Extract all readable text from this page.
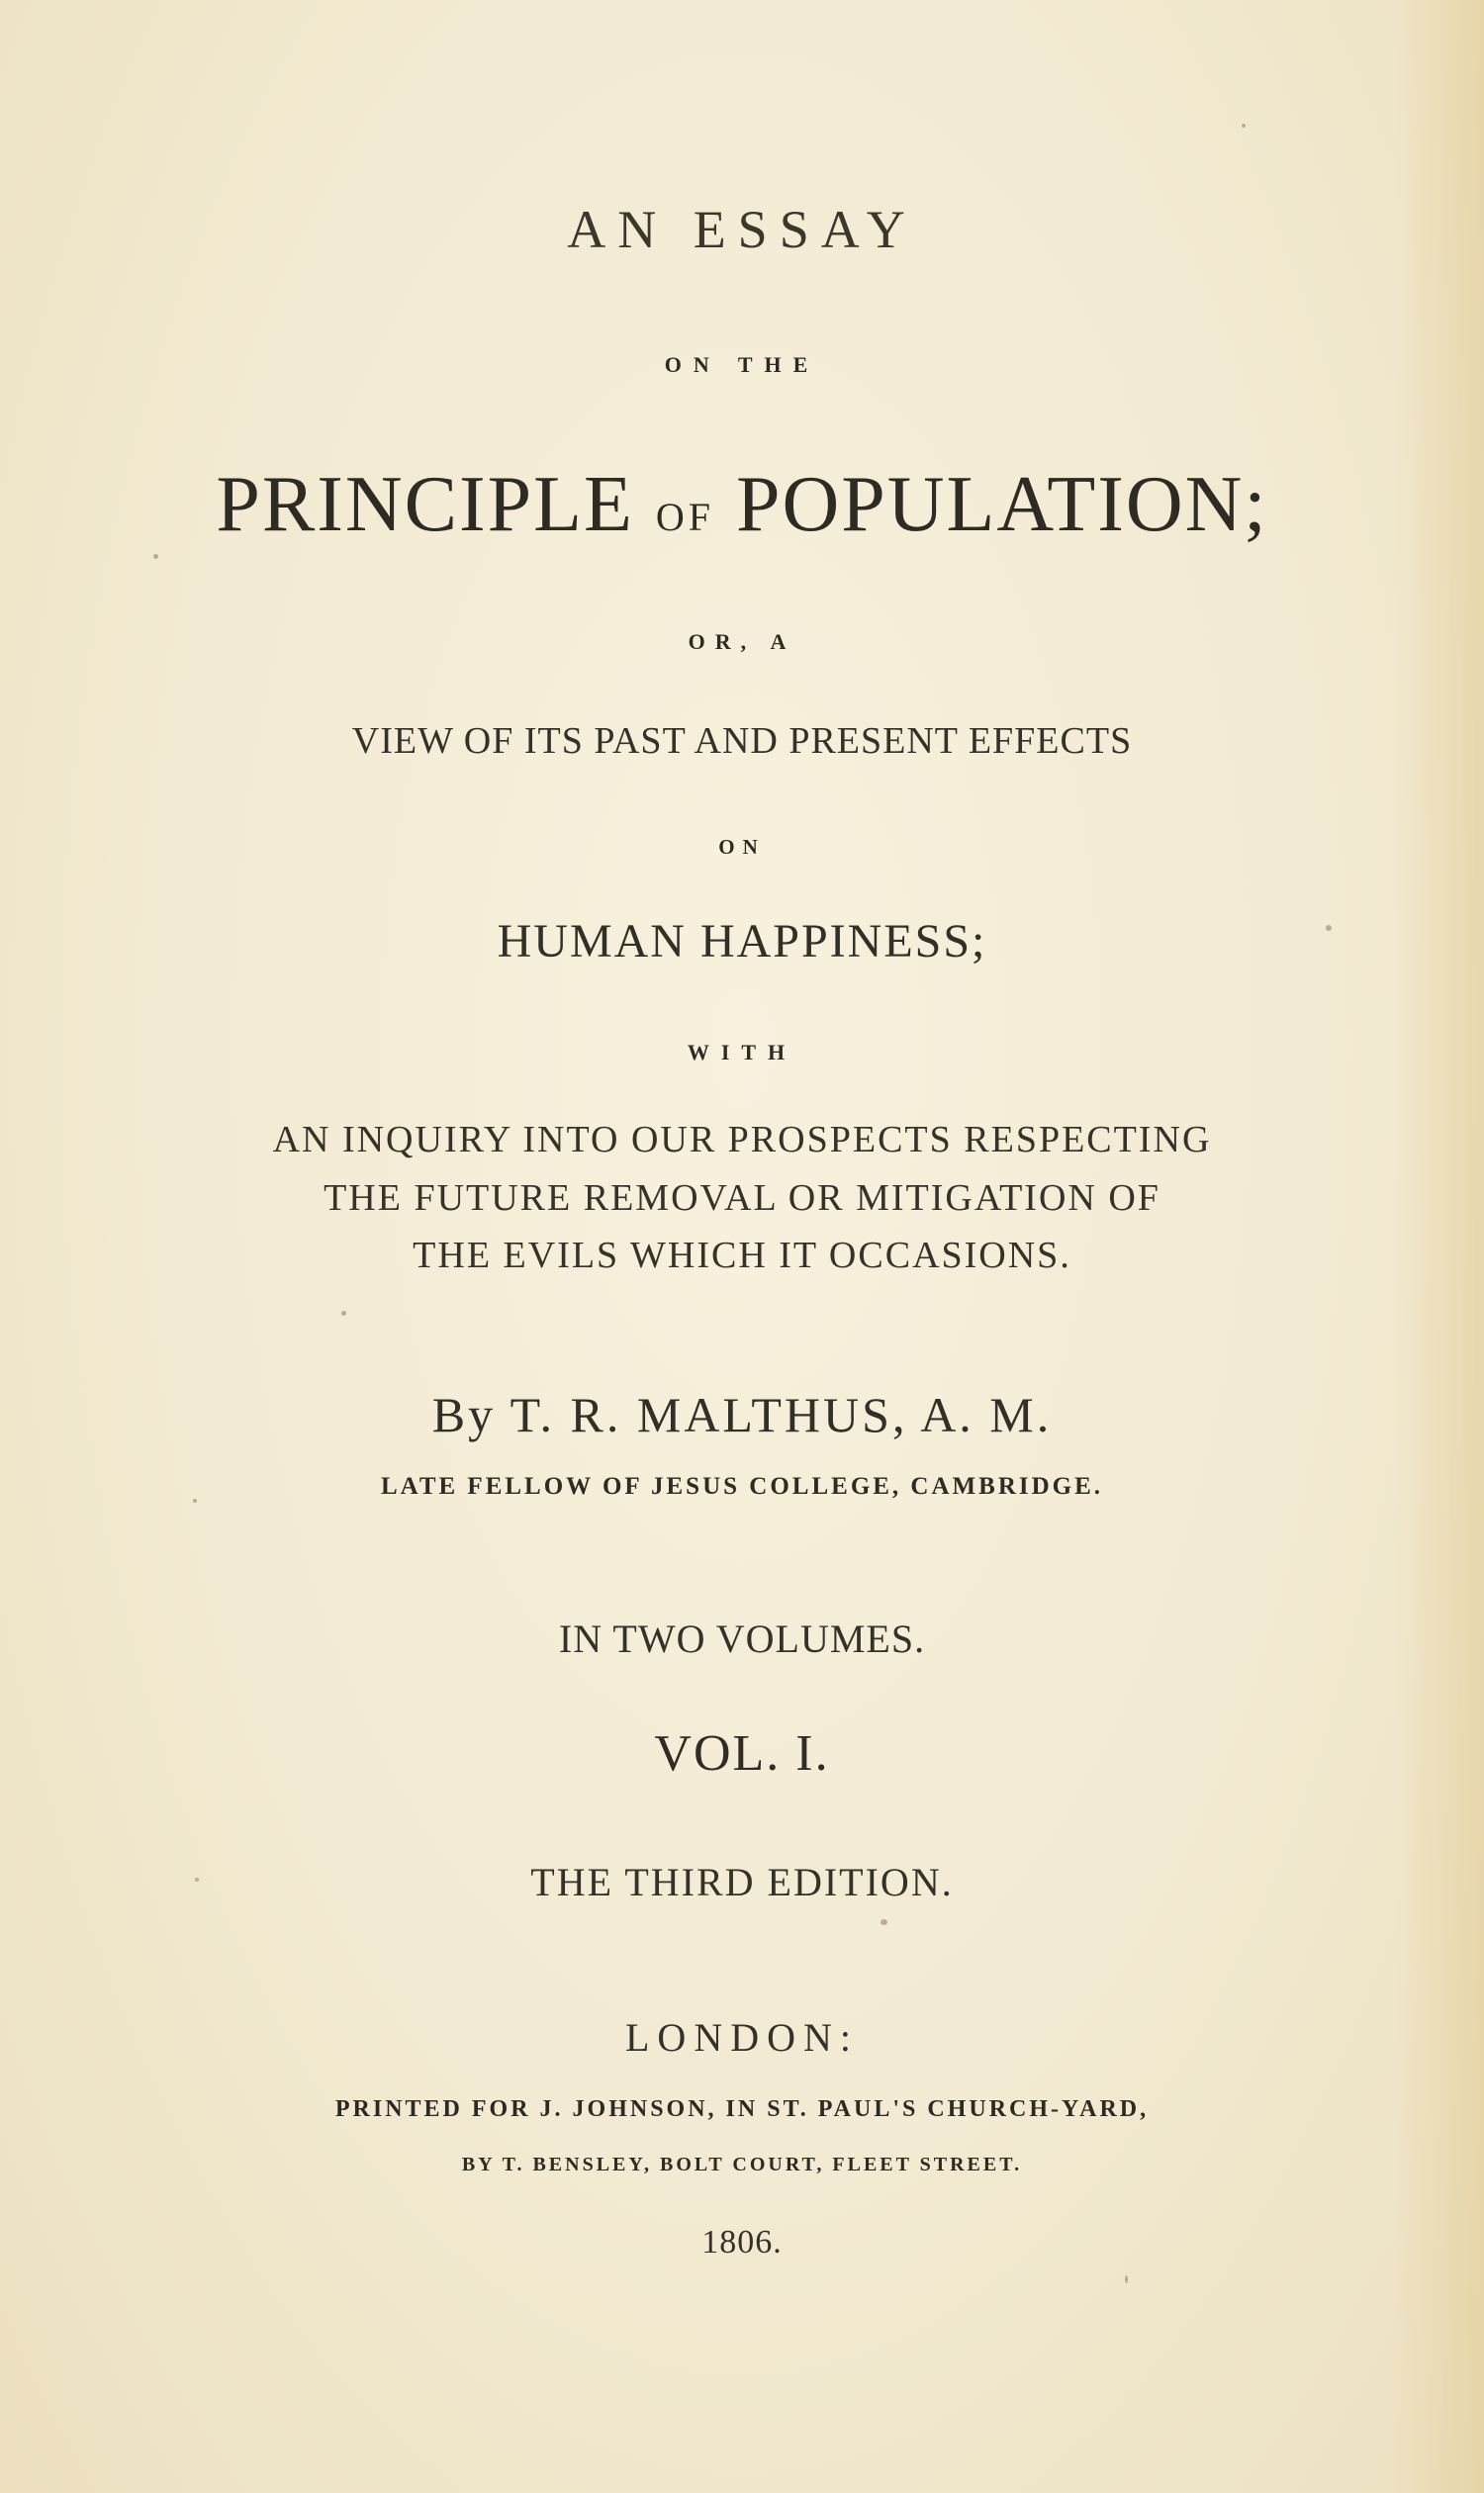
AN ESSAY
ON THE
PRINCIPLE OF POPULATION;
OR, A
VIEW OF ITS PAST AND PRESENT EFFECTS
ON
HUMAN HAPPINESS;
WITH
AN INQUIRY INTO OUR PROSPECTS RESPECTING
THE FUTURE REMOVAL OR MITIGATION OF
THE EVILS WHICH IT OCCASIONS.
By T. R. MALTHUS, A. M.
LATE FELLOW OF JESUS COLLEGE, CAMBRIDGE.
IN TWO VOLUMES.
VOL. I.
THE THIRD EDITION.
LONDON:
PRINTED FOR J. JOHNSON, IN ST. PAUL'S CHURCH-YARD,
BY T. BENSLEY, BOLT COURT, FLEET STREET.
1806.
